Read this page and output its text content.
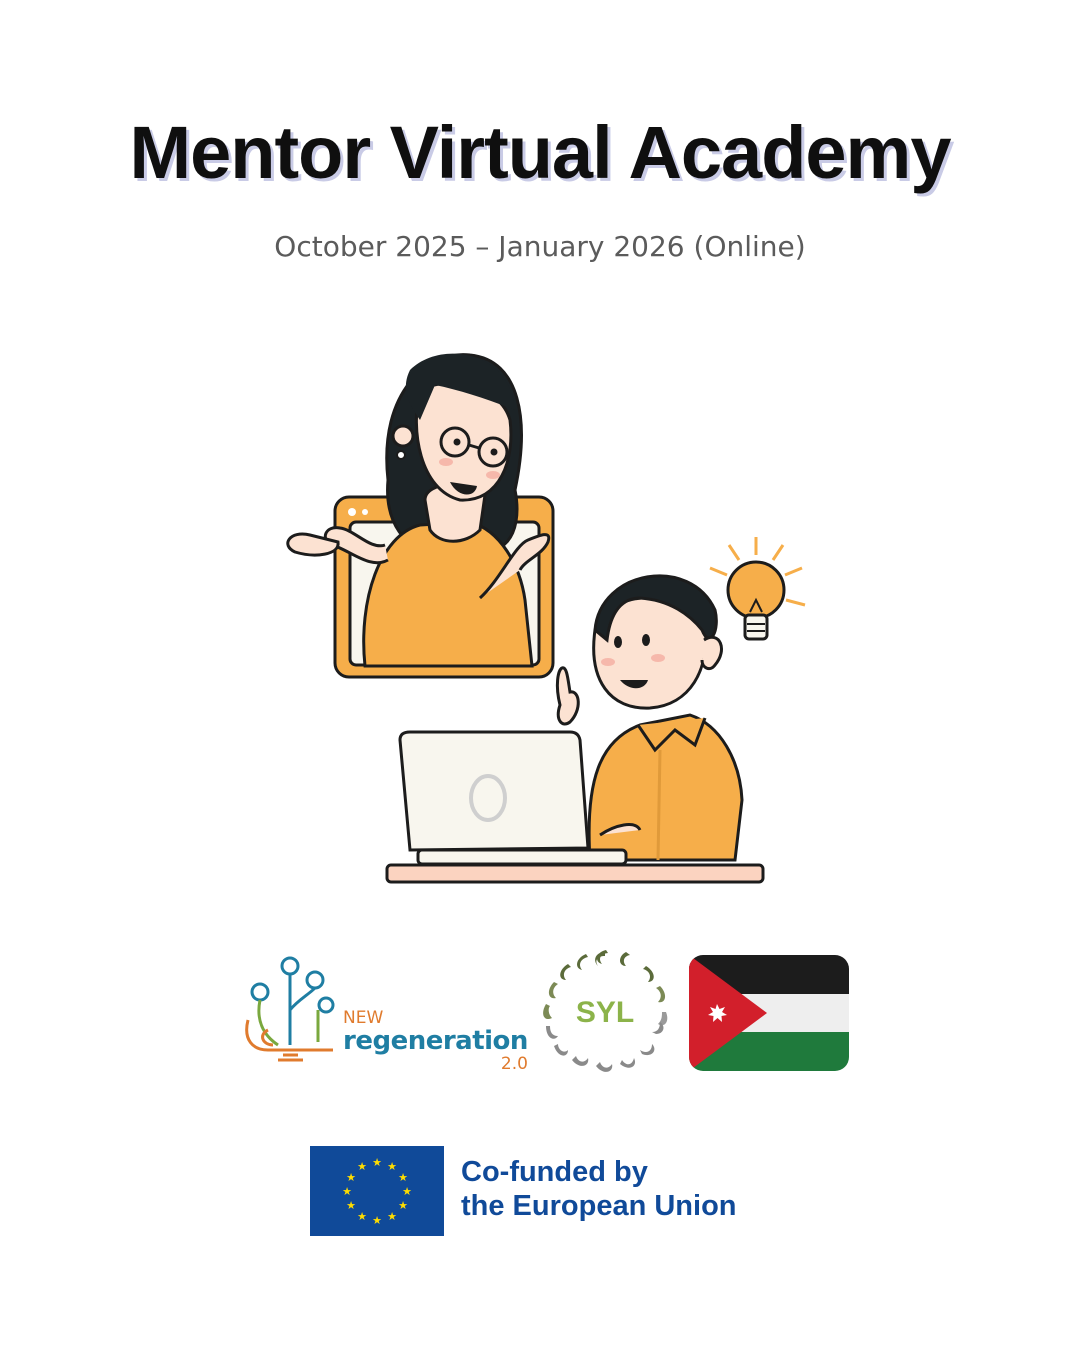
Mentor Virtual Academy

October 2025 – January 2026 (Online)

NEW
regeneration
2.0
SYL
★ ★
★
★
★
★
★
★
★
★
★
★	Co-funded by
the European Union
